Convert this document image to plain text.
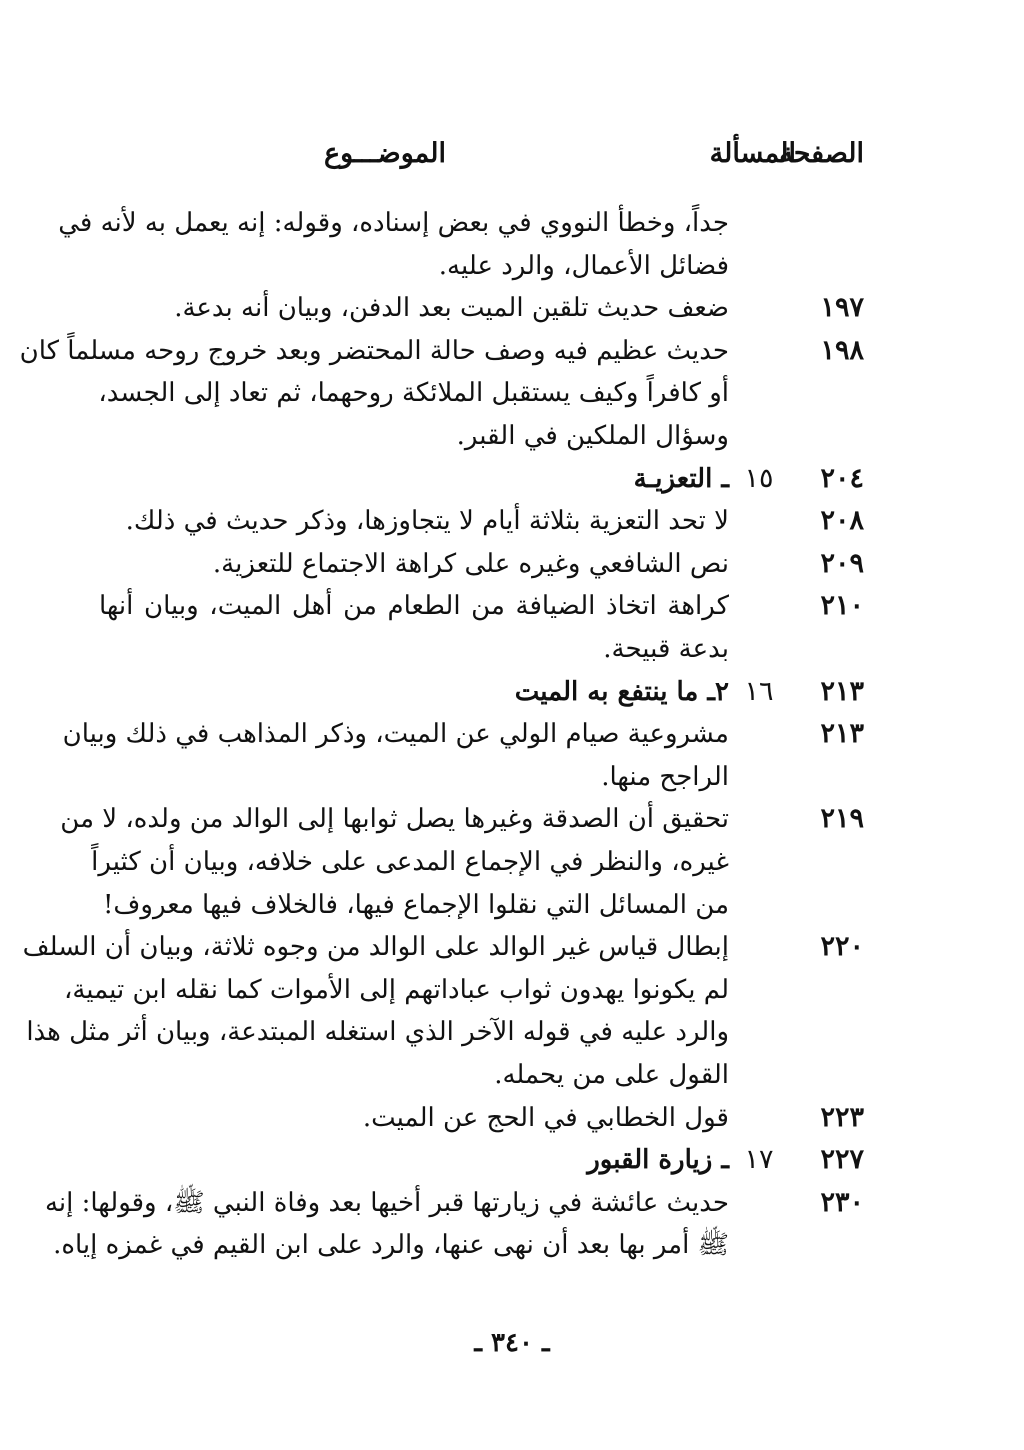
الصفحة
المسألة
الموضـــوع
جداً، وخطأ النووي في بعض إسناده، وقوله: إنه يعمل به لأنه في
فضائل الأعمال، والرد عليه.
١٩٧
ضعف حديث تلقين الميت بعد الدفن، وبيان أنه بدعة.
١٩٨
حديث عظيم فيه وصف حالة المحتضر وبعد خروج روحه مسلماً كان
أو كافراً وكيف يستقبل الملائكة روحهما، ثم تعاد إلى الجسد،
وسؤال الملكين في القبر.
٢٠٤
١٥
ـ التعزيـة
٢٠٨
لا تحد التعزية بثلاثة أيام لا يتجاوزها، وذكر حديث في ذلك.
٢٠٩
نص الشافعي وغيره على كراهة الاجتماع للتعزية.
٢١٠
كراهة اتخاذ الضيافة من الطعام من أهل الميت، وبيان أنها
بدعة قبيحة.
٢١٣
١٦
٢ـ ما ينتفع به الميت
٢١٣
مشروعية صيام الولي عن الميت، وذكر المذاهب في ذلك وبيان
الراجح منها.
٢١٩
تحقيق أن الصدقة وغيرها يصل ثوابها إلى الوالد من ولده، لا من
غيره، والنظر في الإجماع المدعى على خلافه، وبيان أن كثيراً
من المسائل التي نقلوا الإجماع فيها، فالخلاف فيها معروف!
٢٢٠
إبطال قياس غير الوالد على الوالد من وجوه ثلاثة، وبيان أن السلف
لم يكونوا يهدون ثواب عباداتهم إلى الأموات كما نقله ابن تيمية،
والرد عليه في قوله الآخر الذي استغله المبتدعة، وبيان أثر مثل هذا
القول على من يحمله.
٢٢٣
قول الخطابي في الحج عن الميت.
٢٢٧
١٧
ـ زيارة القبور
٢٣٠
حديث عائشة في زيارتها قبر أخيها بعد وفاة النبي ﷺ، وقولها: إنه
ﷺ أمر بها بعد أن نهى عنها، والرد على ابن القيم في غمزه إياه.
ـ ٣٤٠ ـ
